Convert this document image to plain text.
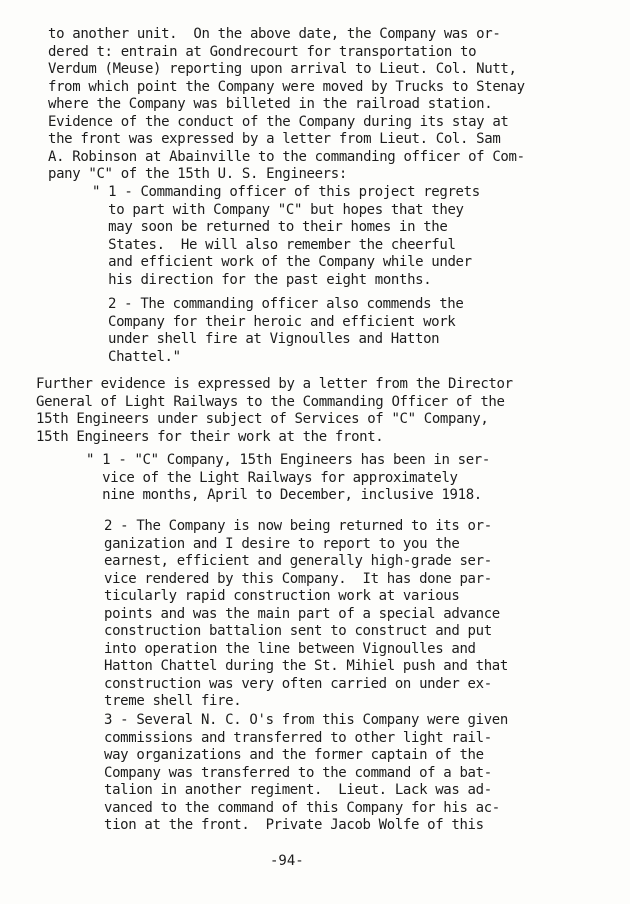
to another unit.  On the above date, the Company was or-
dered t: entrain at Gondrecourt for transportation to
Verdum (Meuse) reporting upon arrival to Lieut. Col. Nutt,
from which point the Company were moved by Trucks to Stenay
where the Company was billeted in the railroad station.
Evidence of the conduct of the Company during its stay at
the front was expressed by a letter from Lieut. Col. Sam
A. Robinson at Abainville to the commanding officer of Com-
pany "C" of the 15th U. S. Engineers:
" 1 - Commanding officer of this project regrets
to part with Company "C" but hopes that they
may soon be returned to their homes in the
States.  He will also remember the cheerful
and efficient work of the Company while under
his direction for the past eight months.
2 - The commanding officer also commends the
Company for their heroic and efficient work
under shell fire at Vignoulles and Hatton
Chattel."
Further evidence is expressed by a letter from the Director
General of Light Railways to the Commanding Officer of the
15th Engineers under subject of Services of "C" Company,
15th Engineers for their work at the front.
" 1 - "C" Company, 15th Engineers has been in ser-
vice of the Light Railways for approximately
nine months, April to December, inclusive 1918.
2 - The Company is now being returned to its or-
ganization and I desire to report to you the
earnest, efficient and generally high-grade ser-
vice rendered by this Company.  It has done par-
ticularly rapid construction work at various
points and was the main part of a special advance
construction battalion sent to construct and put
into operation the line between Vignoulles and
Hatton Chattel during the St. Mihiel push and that
construction was very often carried on under ex-
treme shell fire.
3 - Several N. C. O's from this Company were given
commissions and transferred to other light rail-
way organizations and the former captain of the
Company was transferred to the command of a bat-
talion in another regiment.  Lieut. Lack was ad-
vanced to the command of this Company for his ac-
tion at the front.  Private Jacob Wolfe of this
-94-
